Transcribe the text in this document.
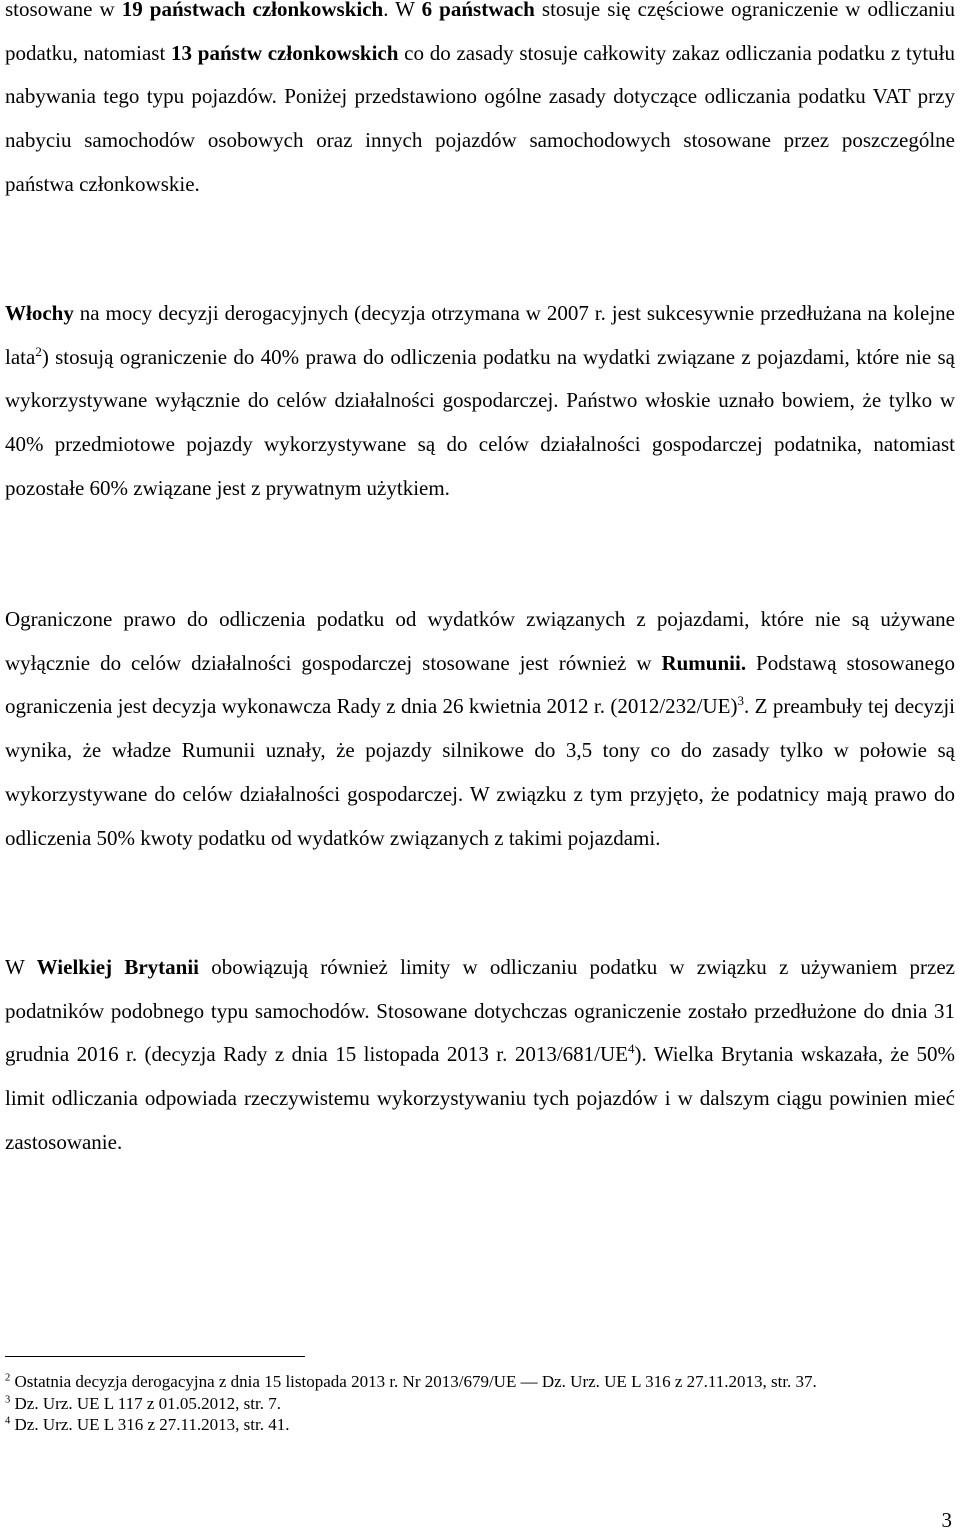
stosowane w 19 państwach członkowskich. W 6 państwach stosuje się częściowe ograniczenie w odliczaniu podatku, natomiast 13 państw członkowskich co do zasady stosuje całkowity zakaz odliczania podatku z tytułu nabywania tego typu pojazdów. Poniżej przedstawiono ogólne zasady dotyczące odliczania podatku VAT przy nabyciu samochodów osobowych oraz innych pojazdów samochodowych stosowane przez poszczególne państwa członkowskie.

Włochy na mocy decyzji derogacyjnych (decyzja otrzymana w 2007 r. jest sukcesywnie przedłużana na kolejne lata$^2$) stosują ograniczenie do 40% prawa do odliczenia podatku na wydatki związane z pojazdami, które nie są wykorzystywane wyłącznie do celów działalności gospodarczej. Państwo włoskie uznało bowiem, że tylko w 40% przedmiotowe pojazdy wykorzystywane są do celów działalności gospodarczej podatnika, natomiast pozostałe 60% związane jest z prywatnym użytkiem.

Ograniczone prawo do odliczenia podatku od wydatków związanych z pojazdami, które nie są używane wyłącznie do celów działalności gospodarczej stosowane jest również w Rumunii. Podstawą stosowanego ograniczenia jest decyzja wykonawcza Rady z dnia 26 kwietnia 2012 r. $(2012/232/UE)^3$. Z preambuły tej decyzji wynika, że władze Rumunii uznały, że pojazdy silnikowe do 3,5 tony co do zasady tylko w połowie są wykorzystywane do celów działalności gospodarczej. W związku z tym przyjęto, że podatnicy mają prawo do odliczenia 50% kwoty podatku od wydatków związanych z takimi pojazdami.

W Wielkiej Brytanii obowiązują również limity w odliczaniu podatku w związku z używaniem przez podatników podobnego typu samochodów. Stosowane dotychczas ograniczenie zostało przedłużone do dnia 31 grudnia 2016 r. (decyzja Rady z dnia 15 listopada 2013 r. $2013/681/UE^4$). Wielka Brytania wskazała, że 50% limit odliczania odpowiada rzeczywistemu wykorzystywaniu tych pojazdów i w dalszym ciągu powinien mieć zastosowanie.

$^2$ Ostatnia decyzja derogacyjna z dnia 15 listopada 2013 r. Nr 2013/679/UE — Dz. Urz. UE L 316 z 27.11.2013, str. 37.

$^3$ Dz. Urz. UE L 117 z 01.05.2012, str. 7.

$^4$ Dz. Urz. UE L 316 z 27.11.2013, str. 41.

3
